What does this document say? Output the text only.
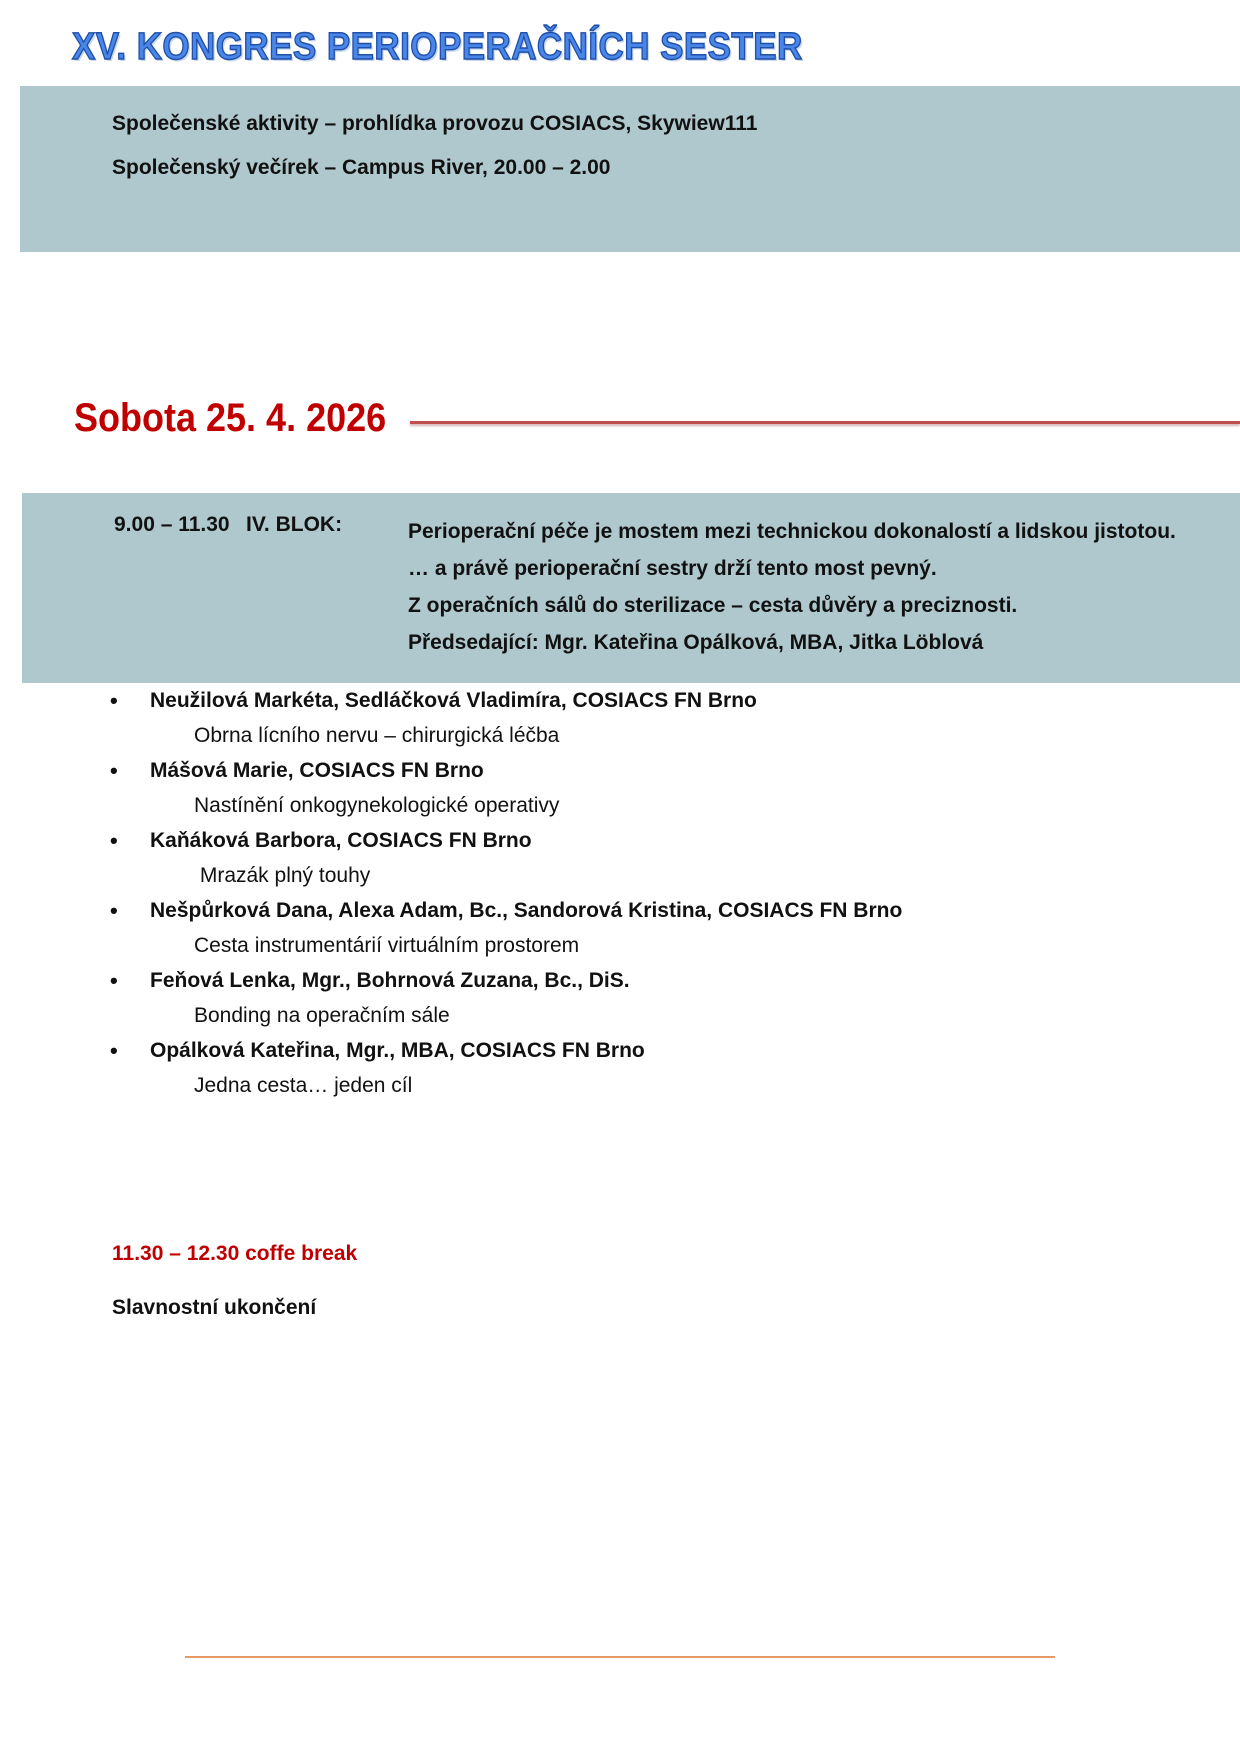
XV. KONGRES PERIOPERAČNÍCH SESTER
Společenské aktivity – prohlídka provozu COSIACS, Skywiew111
Společenský večírek – Campus River, 20.00 – 2.00
Sobota 25. 4. 2026
9.00 – 11.30 IV. BLOK:	Perioperační péče je mostem mezi technickou dokonalostí a lidskou jistotou.
… a právě perioperační sestry drží tento most pevný.
Z operačních sálů do sterilizace – cesta důvěry a preciznosti.
Předsedající: Mgr. Kateřina Opálková, MBA, Jitka Löblová
• Neužilová Markéta, Sedláčková Vladimíra, COSIACS FN Brno
Obrna lícního nervu – chirurgická léčba
• Mášová Marie, COSIACS FN Brno
Nastínění onkogynekologické operativy
• Kaňáková Barbora, COSIACS FN Brno
Mrazák plný touhy
• Nešpůrková Dana, Alexa Adam, Bc., Sandorová Kristina, COSIACS FN Brno
Cesta instrumentárií virtuálním prostorem
• Feňová Lenka, Mgr., Bohrnová Zuzana, Bc., DiS.
Bonding na operačním sále
• Opálková Kateřina, Mgr., MBA, COSIACS FN Brno
Jedna cesta… jeden cíl
11.30 – 12.30 coffe break
Slavnostní ukončení
